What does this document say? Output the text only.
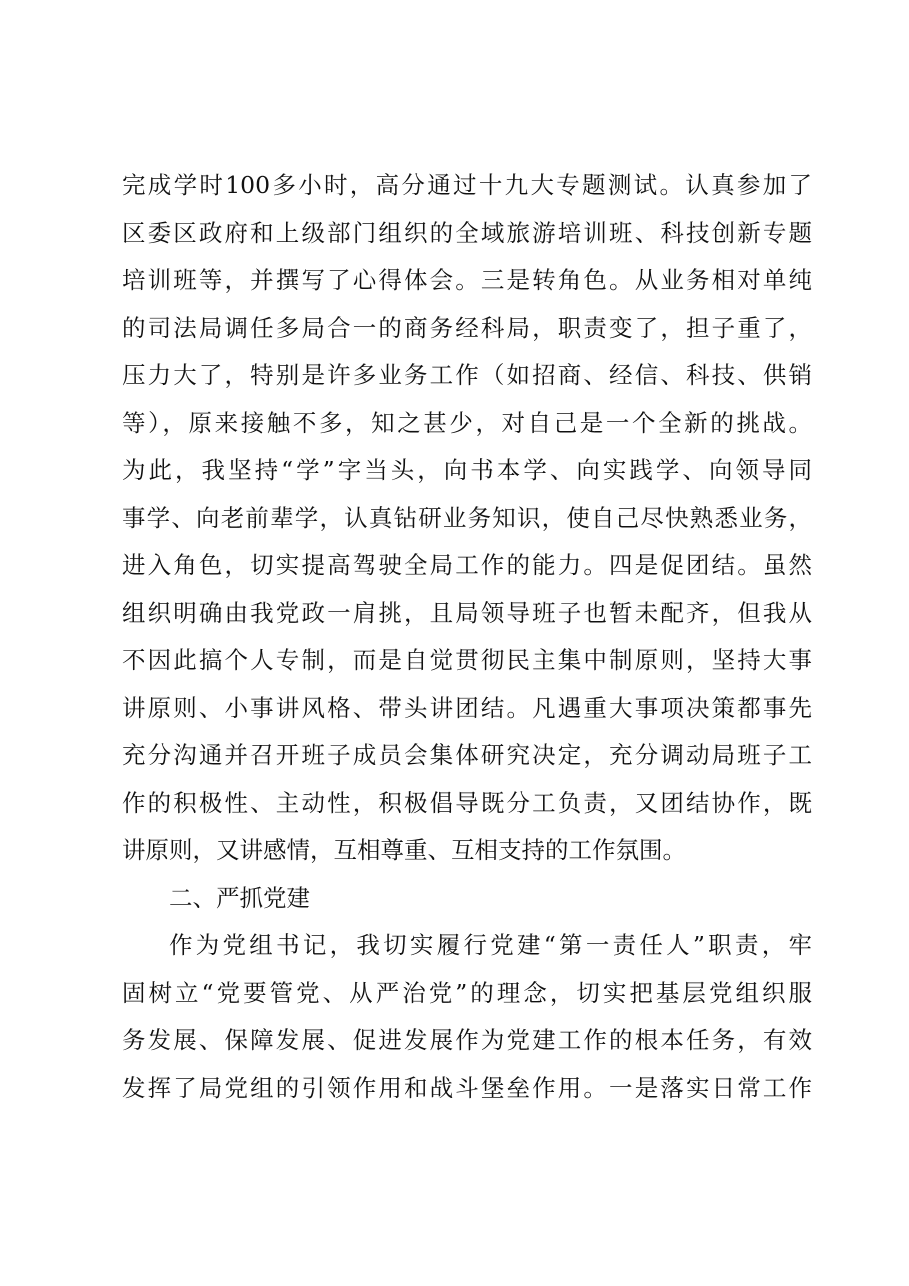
完成学时100多小时，高分通过十九大专题测试。认真参加了
区委区政府和上级部门组织的全域旅游培训班、科技创新专题
培训班等，并撰写了心得体会。三是转角色。从业务相对单纯
的司法局调任多局合一的商务经科局，职责变了，担子重了，
压力大了，特别是许多业务工作（如招商、经信、科技、供销
等），原来接触不多，知之甚少，对自己是一个全新的挑战。
为此，我坚持“学”字当头，向书本学、向实践学、向领导同
事学、向老前辈学，认真钻研业务知识，使自己尽快熟悉业务，
进入角色，切实提高驾驶全局工作的能力。四是促团结。虽然
组织明确由我党政一肩挑，且局领导班子也暂未配齐，但我从
不因此搞个人专制，而是自觉贯彻民主集中制原则，坚持大事
讲原则、小事讲风格、带头讲团结。凡遇重大事项决策都事先
充分沟通并召开班子成员会集体研究决定，充分调动局班子工
作的积极性、主动性，积极倡导既分工负责，又团结协作，既
讲原则，又讲感情，互相尊重、互相支持的工作氛围。
二、严抓党建
作为党组书记，我切实履行党建“第一责任人”职责，牢
固树立“党要管党、从严治党”的理念，切实把基层党组织服
务发展、保障发展、促进发展作为党建工作的根本任务，有效
发挥了局党组的引领作用和战斗堡垒作用。一是落实日常工作
